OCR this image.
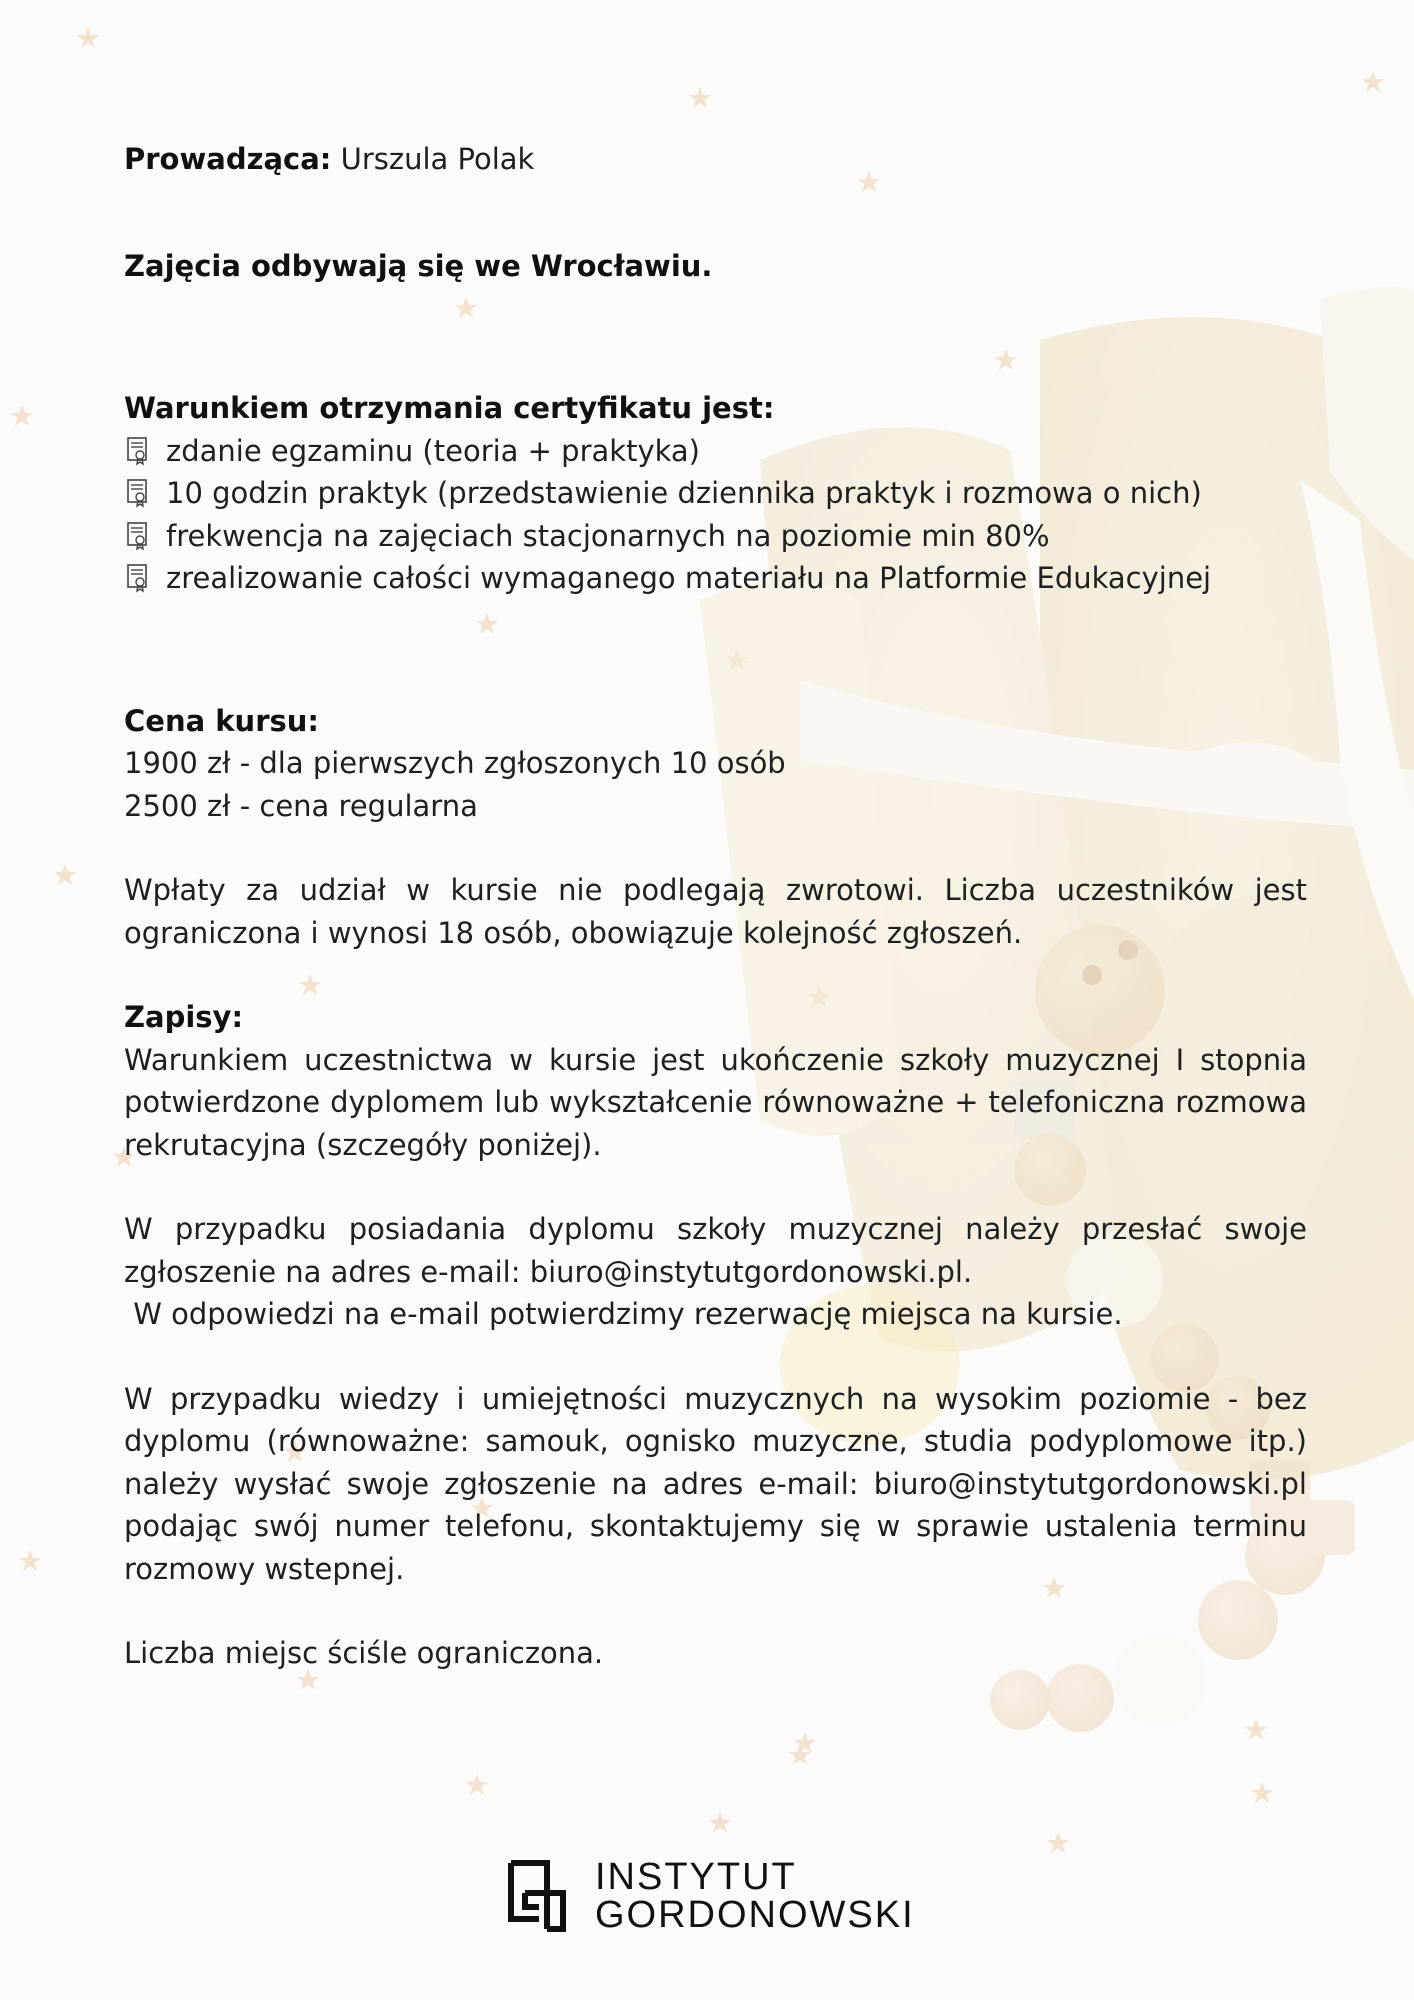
Prowadząca: Urszula Polak

Zajęcia odbywają się we Wrocławiu.

Warunkiem otrzymania certyfikatu jest:

zdanie egzaminu (teoria + praktyka)
10 godzin praktyk (przedstawienie dziennika praktyk i rozmowa o nich)
frekwencja na zajęciach stacjonarnych na poziomie min 80%
zrealizowanie całości wymaganego materiału na Platformie Edukacyjnej

Cena kursu:

1900 zł - dla pierwszych zgłoszonych 10 osób

2500 zł - cena regularna

Wpłaty za udział w kursie nie podlegają zwrotowi. Liczba uczestników jest ograniczona i wynosi 18 osób, obowiązuje kolejność zgłoszeń.

Zapisy:

Warunkiem uczestnictwa w kursie jest ukończenie szkoły muzycznej I stopnia potwierdzone dyplomem lub wykształcenie równoważne + telefoniczna rozmowa rekrutacyjna (szczegóły poniżej).

W przypadku posiadania dyplomu szkoły muzycznej należy przesłać swoje zgłoszenie na adres e-mail: biuro@instytutgordonowski.pl.

W odpowiedzi na e-mail potwierdzimy rezerwację miejsca na kursie.

W przypadku wiedzy i umiejętności muzycznych na wysokim poziomie - bez dyplomu (równoważne: samouk, ognisko muzyczne, studia podyplomowe itp.) należy wysłać swoje zgłoszenie na adres e-mail: biuro@instytutgordonowski.pl podając swój numer telefonu, skontaktujemy się w sprawie ustalenia terminu rozmowy wstepnej.

Liczba miejsc ściśle ograniczona.

INSTYTUT
GORDONOWSKI
